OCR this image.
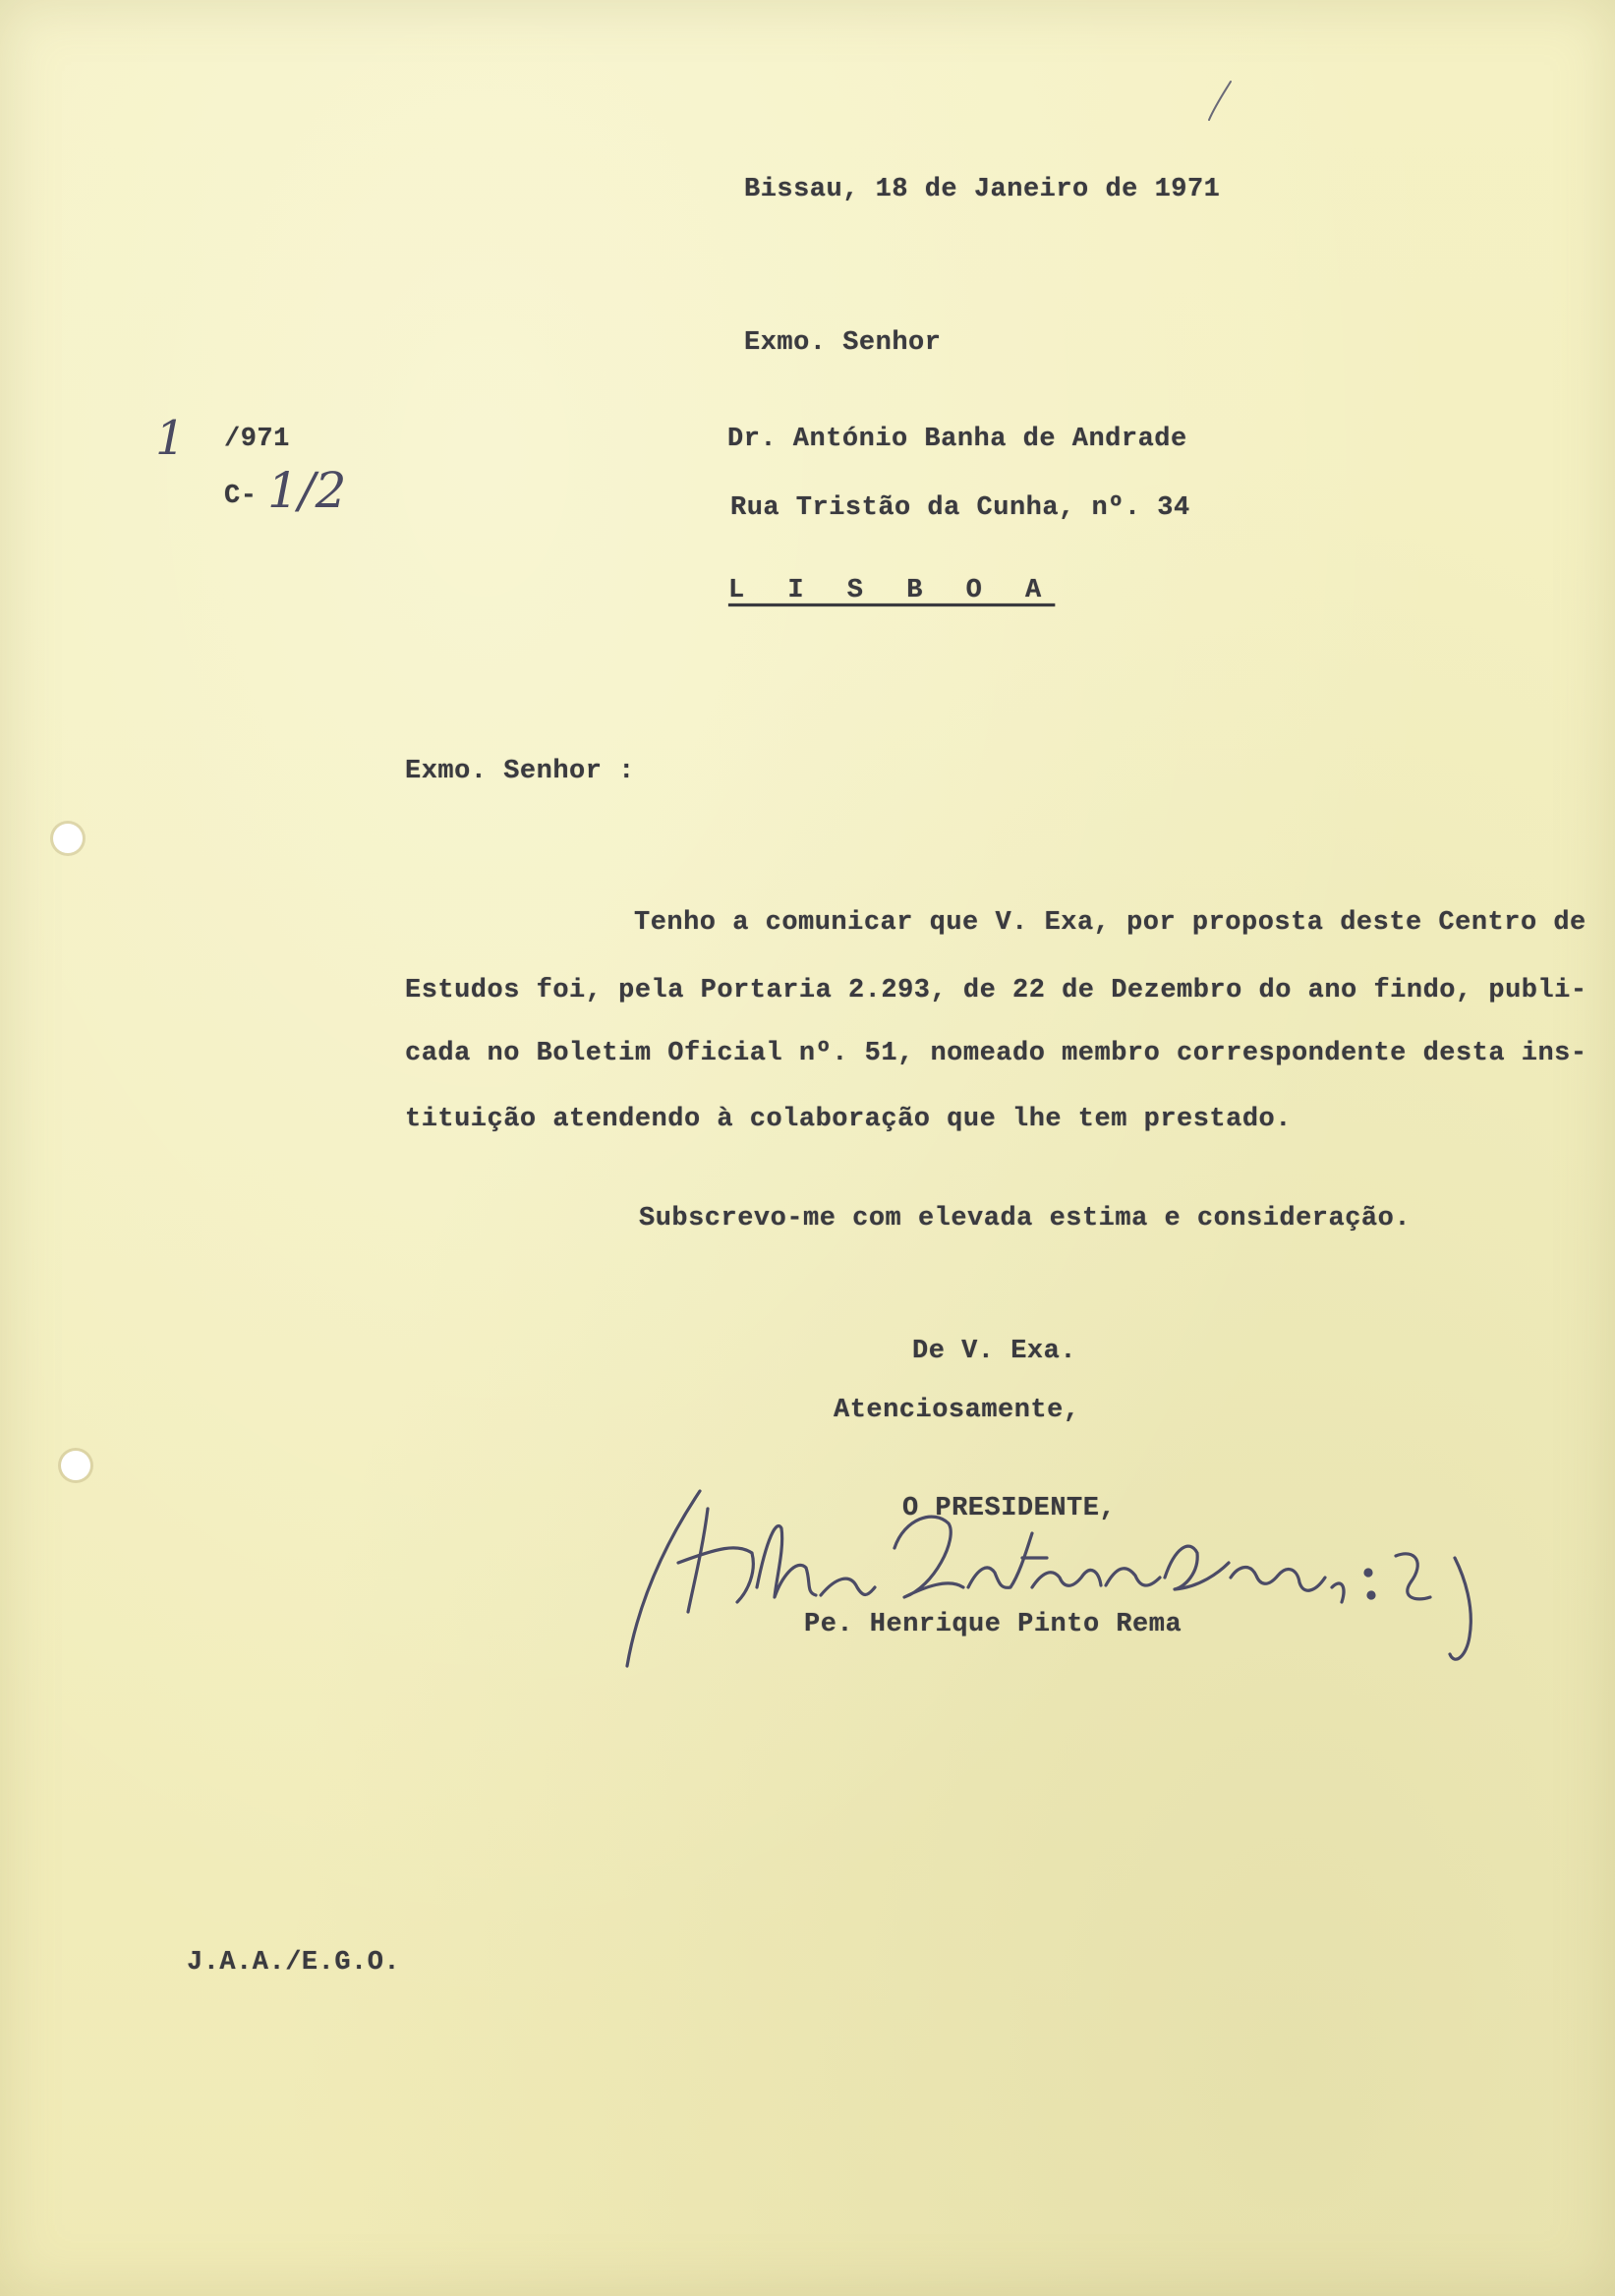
Bissau, 18 de Janeiro de 1971
Exmo. Senhor
Dr. António Banha de Andrade
Rua Tristão da Cunha, nº. 34
L I S B O A
1 /971
C- 1/2
Exmo. Senhor :
Tenho a comunicar que V. Exa, por proposta deste Centro de
Estudos foi, pela Portaria 2.293, de 22 de Dezembro do ano findo, publi-
cada no Boletim Oficial nº. 51, nomeado membro correspondente desta ins-
tituição atendendo à colaboração que lhe tem prestado.
Subscrevo-me com elevada estima e consideração.
De V. Exa.
Atenciosamente,
O PRESIDENTE,
Pe. Henrique Pinto Rema
J.A.A./E.G.O.
